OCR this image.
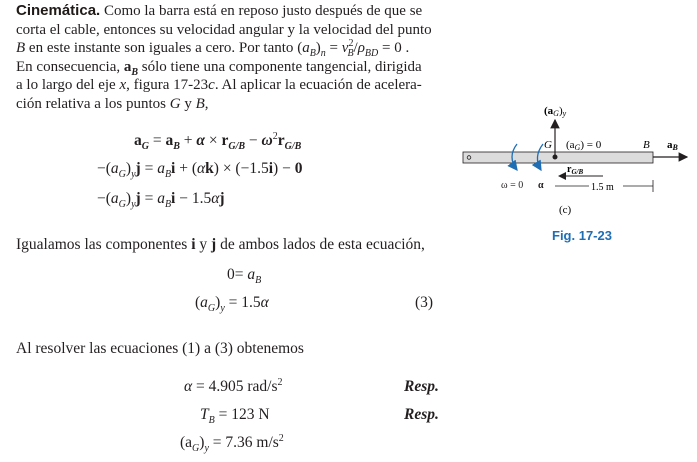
Cinemática. Como la barra está en reposo justo después de que se
corta el cable, entonces su velocidad angular y la velocidad del punto
B en este instante son iguales a cero. Por tanto $(a_B)_n = v^2_B/\rho_{BD} = 0$ .
En consecuencia, $a_B$ sólo tiene una componente tangencial, dirigida
a lo largo del eje x, figura 17-23c. Al aplicar la ecuación de acelera-
ción relativa a los puntos G y B,
$a_G = a_B + \alpha \times r_{G/B} - \omega^2r_{G/B}$
$-(a_G)_yj = a_Bi + (\alpha k) \times (-1.5i) - 0$
$-(a_G)_yj = a_Bi - 1.5\alpha j$
Igualamos las componentes i y j de ambos lados de esta ecuación,
$0= a_B$
$(a_G)_y = 1.5\alpha$	(3)
Al resolver las ecuaciones (1) a (3) obtenemos
α = 4.905 rad/$s^2$	Resp.
$T_B = 123$ N	Resp.
$(a_G)_y = 7.36$ $m/s^2$
(aG)y
G (aG) = 0	B aB
ω = 0 α
$r_{G/B}$
1.5 m
(c)
Fig. 17-23
